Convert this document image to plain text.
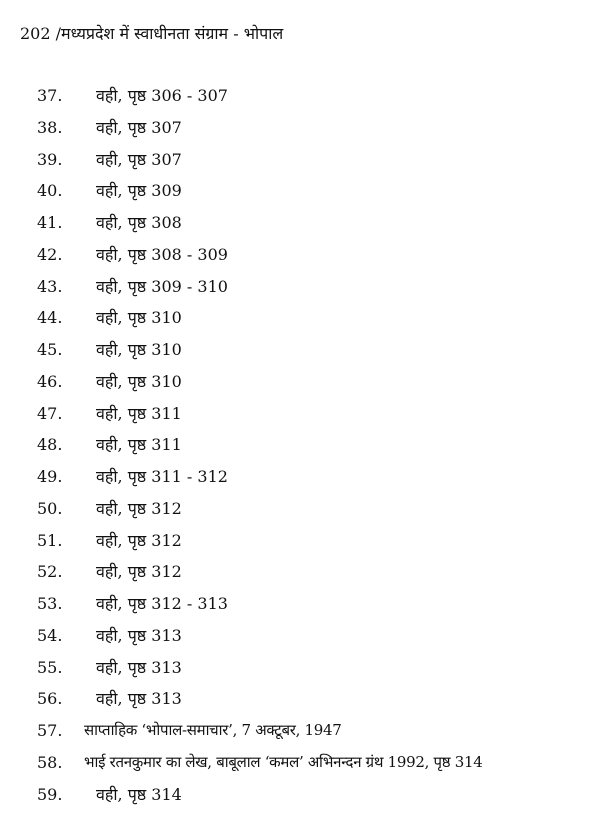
202 /मध्यप्रदेश में स्वाधीनता संग्राम - भोपाल
37. वही, पृष्ठ 306 - 307
38. वही, पृष्ठ 307
39. वही, पृष्ठ 307
40. वही, पृष्ठ 309
41. वही, पृष्ठ 308
42. वही, पृष्ठ 308 - 309
43. वही, पृष्ठ 309 - 310
44. वही, पृष्ठ 310
45. वही, पृष्ठ 310
46. वही, पृष्ठ 310
47. वही, पृष्ठ 311
48. वही, पृष्ठ 311
49. वही, पृष्ठ 311 - 312
50. वही, पृष्ठ 312
51. वही, पृष्ठ 312
52. वही, पृष्ठ 312
53. वही, पृष्ठ 312 - 313
54. वही, पृष्ठ 313
55. वही, पृष्ठ 313
56. वही, पृष्ठ 313
57. साप्ताहिक ‘भोपाल-समाचार’, 7 अक्टूबर, 1947
58. भाई रतनकुमार का लेख, बाबूलाल ‘कमल’ अभिनन्दन ग्रंथ 1992, पृष्ठ 314
59. वही, पृष्ठ 314
